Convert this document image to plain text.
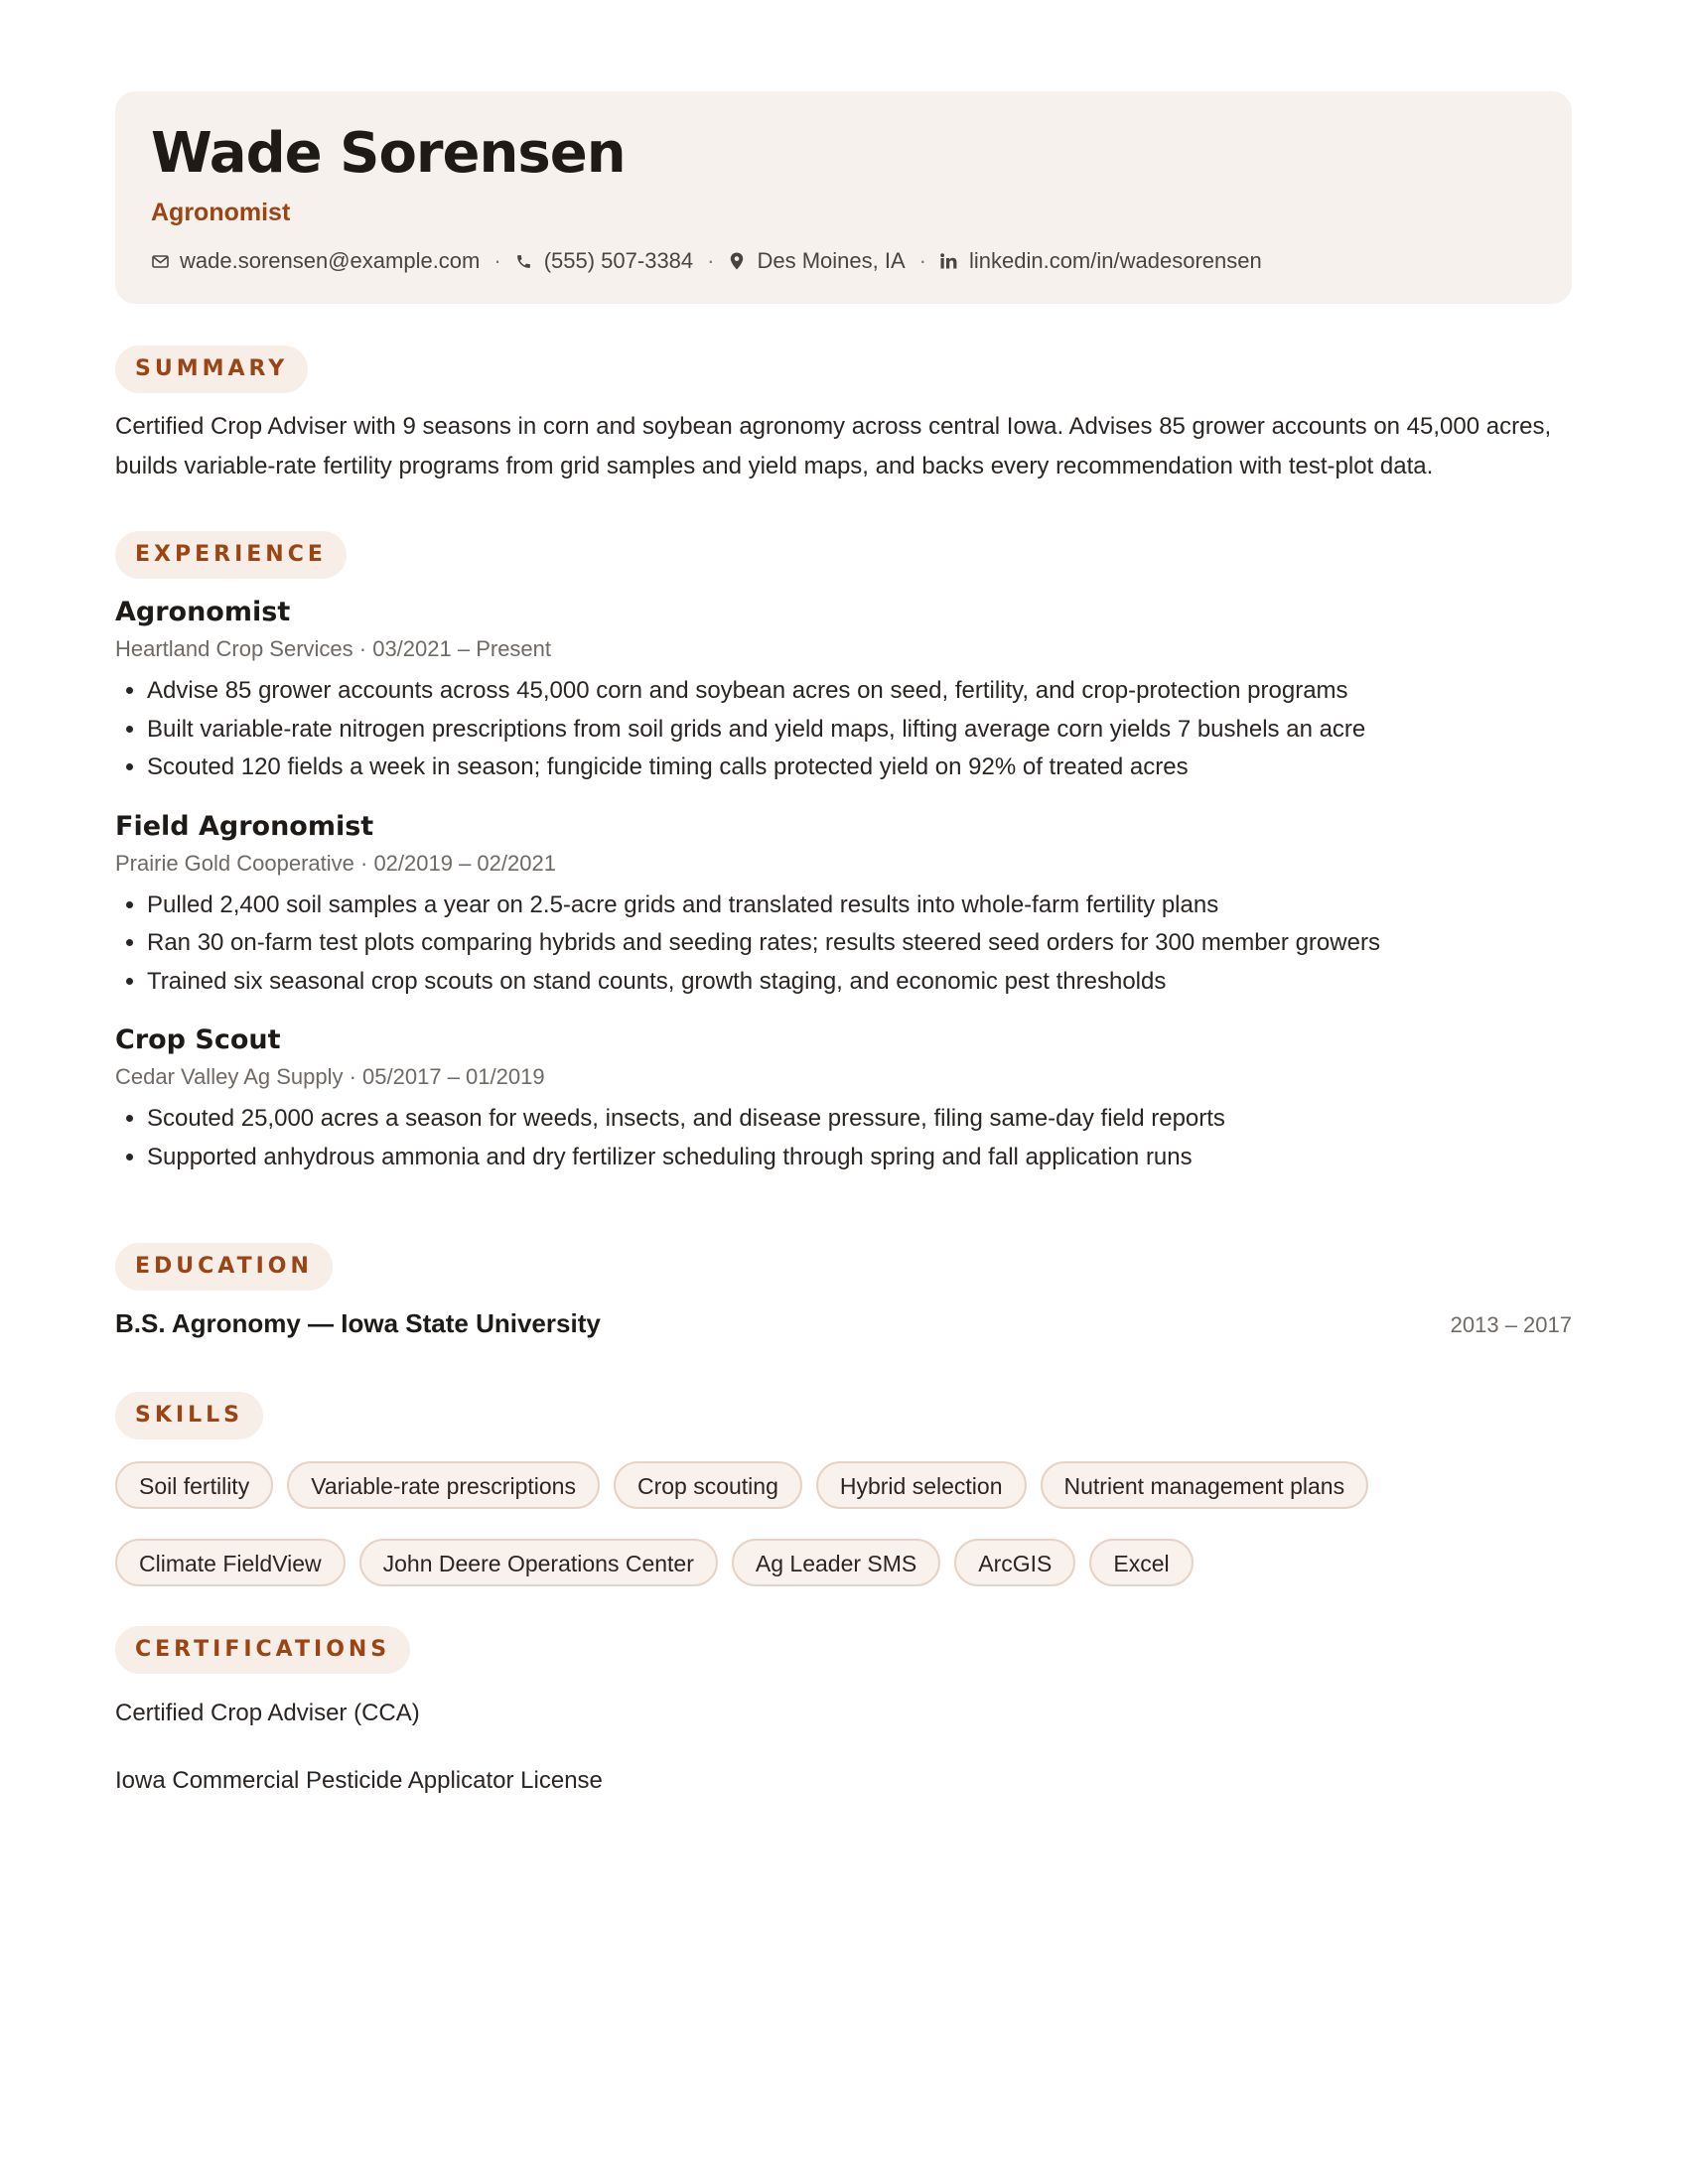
Wade Sorensen
Agronomist
wade.sorensen@example.com · (555) 507-3384 · Des Moines, IA · linkedin.com/in/wadesorensen
SUMMARY
Certified Crop Adviser with 9 seasons in corn and soybean agronomy across central Iowa. Advises 85 grower accounts on 45,000 acres, builds variable-rate fertility programs from grid samples and yield maps, and backs every recommendation with test-plot data.
EXPERIENCE
Agronomist
Heartland Crop Services · 03/2021 – Present
• Advise 85 grower accounts across 45,000 corn and soybean acres on seed, fertility, and crop-protection programs
• Built variable-rate nitrogen prescriptions from soil grids and yield maps, lifting average corn yields 7 bushels an acre
• Scouted 120 fields a week in season; fungicide timing calls protected yield on 92% of treated acres
Field Agronomist
Prairie Gold Cooperative · 02/2019 – 02/2021
• Pulled 2,400 soil samples a year on 2.5-acre grids and translated results into whole-farm fertility plans
• Ran 30 on-farm test plots comparing hybrids and seeding rates; results steered seed orders for 300 member growers
• Trained six seasonal crop scouts on stand counts, growth staging, and economic pest thresholds
Crop Scout
Cedar Valley Ag Supply · 05/2017 – 01/2019
• Scouted 25,000 acres a season for weeds, insects, and disease pressure, filing same-day field reports
• Supported anhydrous ammonia and dry fertilizer scheduling through spring and fall application runs
EDUCATION
B.S. Agronomy — Iowa State University	2013 – 2017
SKILLS
Soil fertility	Variable-rate prescriptions	Crop scouting	Hybrid selection	Nutrient management plans
Climate FieldView	John Deere Operations Center	Ag Leader SMS	ArcGIS	Excel
CERTIFICATIONS
Certified Crop Adviser (CCA)
Iowa Commercial Pesticide Applicator License
